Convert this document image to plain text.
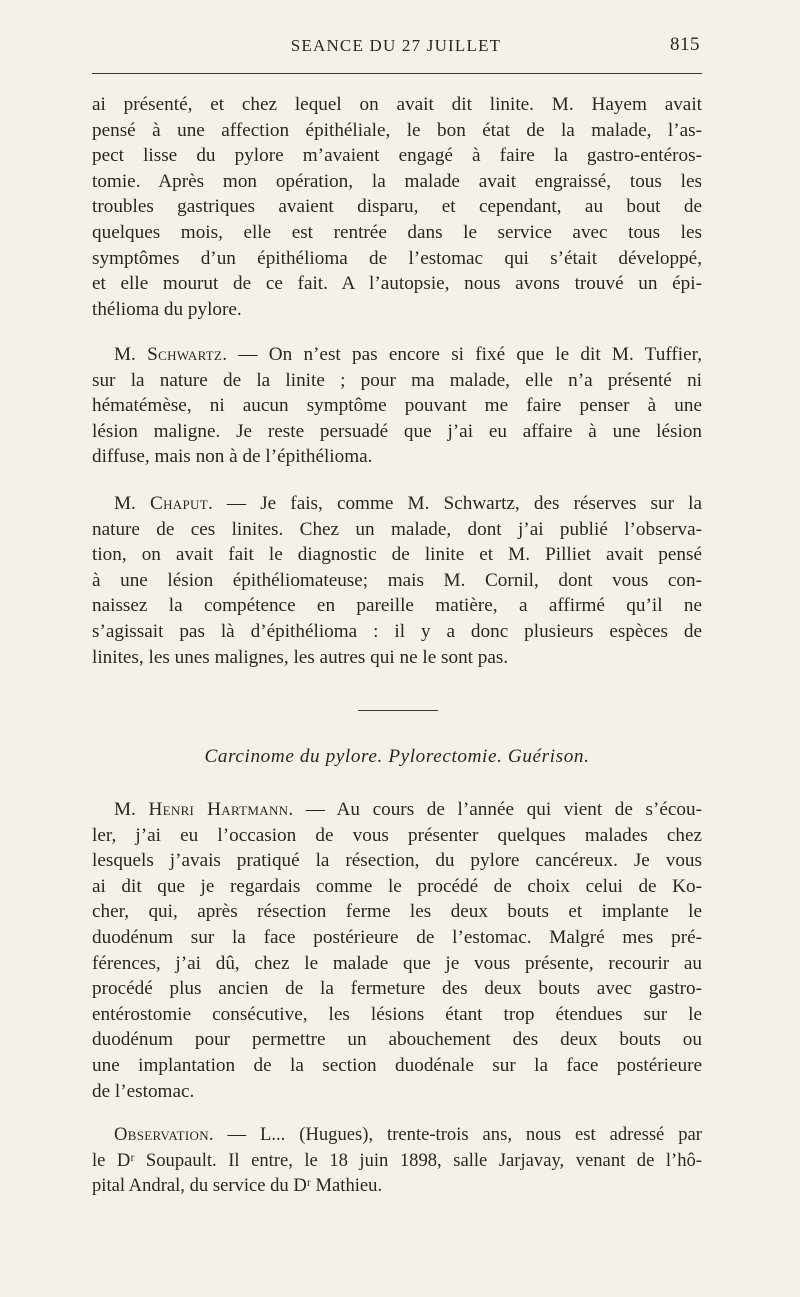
SEANCE DU 27 JUILLET	815
ai présenté, et chez lequel on avait dit linite. M. Hayem avait
pensé à une affection épithéliale, le bon état de la malade, l’as-
pect lisse du pylore m’avaient engagé à faire la gastro-entéros-
tomie. Après mon opération, la malade avait engraissé, tous les
troubles gastriques avaient disparu, et cependant, au bout de
quelques mois, elle est rentrée dans le service avec tous les
symptômes d’un épithélioma de l’estomac qui s’était développé,
et elle mourut de ce fait. A l’autopsie, nous avons trouvé un épi-
thélioma du pylore.
M. Schwartz. — On n’est pas encore si fixé que le dit M. Tuffier,
sur la nature de la linite ; pour ma malade, elle n’a présenté ni
hématémèse, ni aucun symptôme pouvant me faire penser à une
lésion maligne. Je reste persuadé que j’ai eu affaire à une lésion
diffuse, mais non à de l’épithélioma.
M. Chaput. — Je fais, comme M. Schwartz, des réserves sur la
nature de ces linites. Chez un malade, dont j’ai publié l’observa-
tion, on avait fait le diagnostic de linite et M. Pilliet avait pensé
à une lésion épithéliomateuse; mais M. Cornil, dont vous con-
naissez la compétence en pareille matière, a affirmé qu’il ne
s’agissait pas là d’épithélioma : il y a donc plusieurs espèces de
linites, les unes malignes, les autres qui ne le sont pas.
Carcinome du pylore. Pylorectomie. Guérison.
M. Henri Hartmann. — Au cours de l’année qui vient de s’écou-
ler, j’ai eu l’occasion de vous présenter quelques malades chez
lesquels j’avais pratiqué la résection, du pylore cancéreux. Je vous
ai dit que je regardais comme le procédé de choix celui de Ko-
cher, qui, après résection ferme les deux bouts et implante le
duodénum sur la face postérieure de l’estomac. Malgré mes pré-
férences, j’ai dû, chez le malade que je vous présente, recourir au
procédé plus ancien de la fermeture des deux bouts avec gastro-
entérostomie consécutive, les lésions étant trop étendues sur le
duodénum pour permettre un abouchement des deux bouts ou
une implantation de la section duodénale sur la face postérieure
de l’estomac.
Observation. — L... (Hugues), trente-trois ans, nous est adressé par
le Dʳ Soupault. Il entre, le 18 juin 1898, salle Jarjavay, venant de l’hô-
pital Andral, du service du Dʳ Mathieu.
